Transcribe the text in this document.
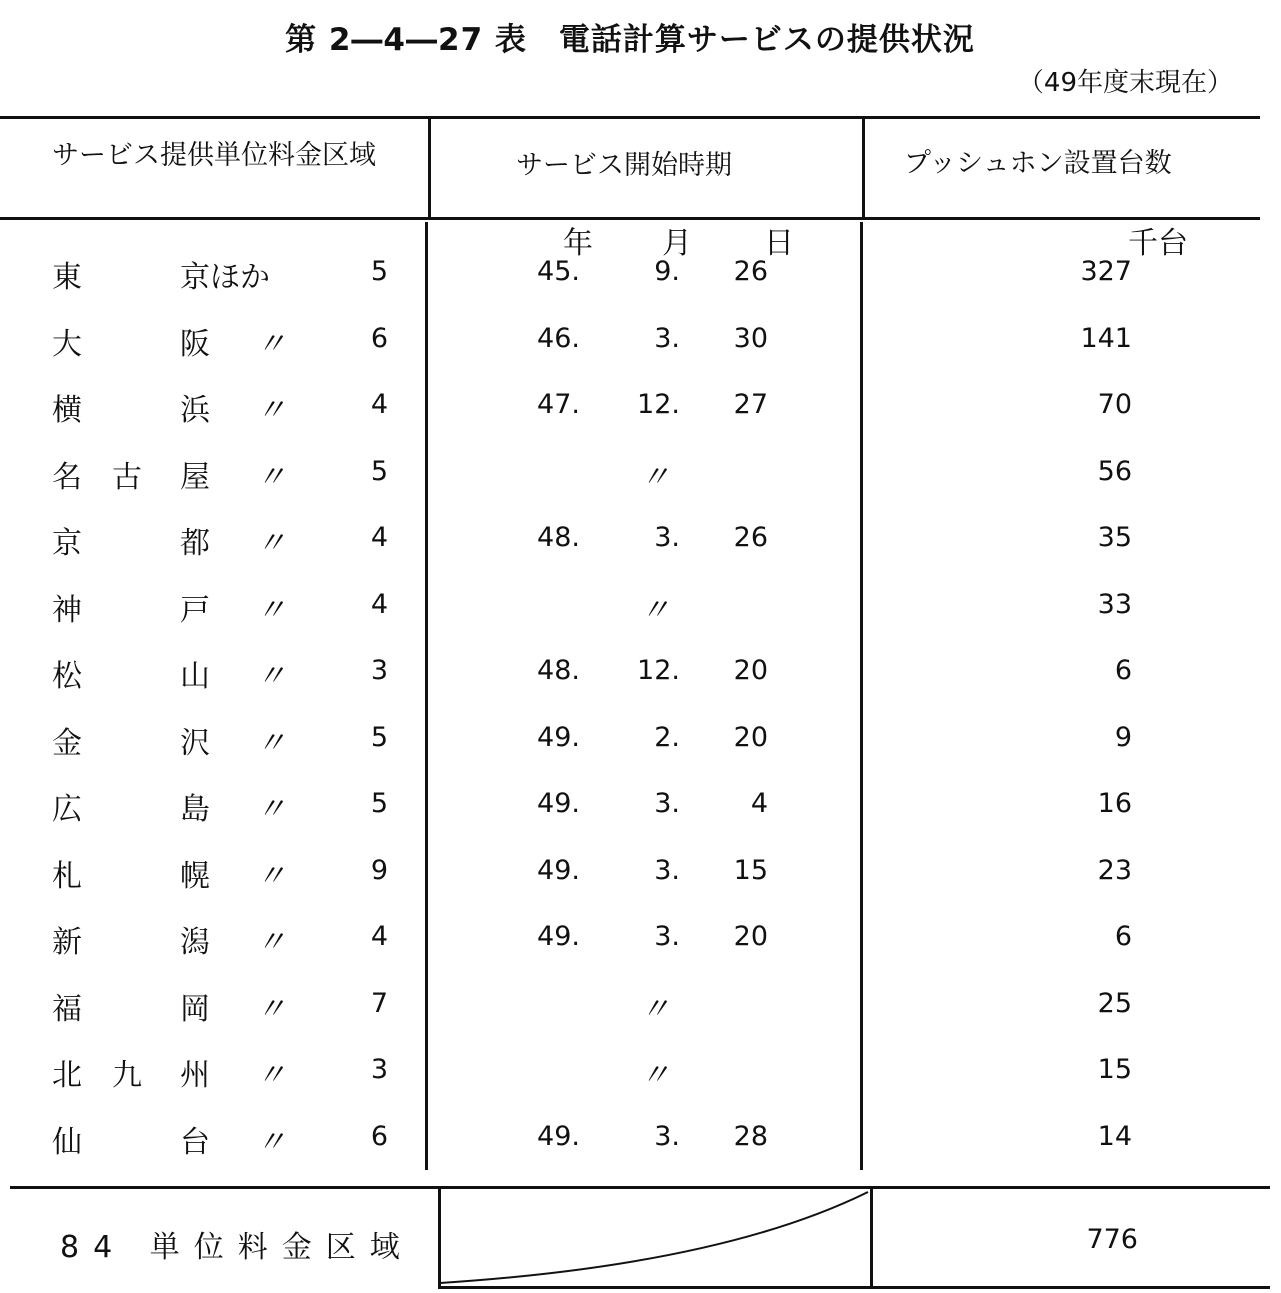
第 2―4―27 表　電話計算サービスの提供状況
（49年度末現在）
サービス提供単位料金区域	サービス開始時期	プッシュホン設置台数
年 月 日	千台
東	京ほか	5	45.	9.	26	327
大	阪 〃	6	46.	3.	30	141
横	浜 〃	4	47.	12.	27	70
名　古 屋 〃	5	〃	56
京	都 〃	4	48.	3.	26	35
神	戸 〃	4	〃	33
松	山 〃	3	48.	12.	20	6
金	沢 〃	5	49.	2.	20	9
広	島 〃	5	49.	3.	4	16
札	幌 〃	9	49.	3.	15	23
新	潟 〃	4	49.	3.	20	6
福	岡 〃	7	〃	25
北　九 州 〃	3	〃	15
仙	台 〃	6	49.	3.	28	14
84 単位料金区域	776
